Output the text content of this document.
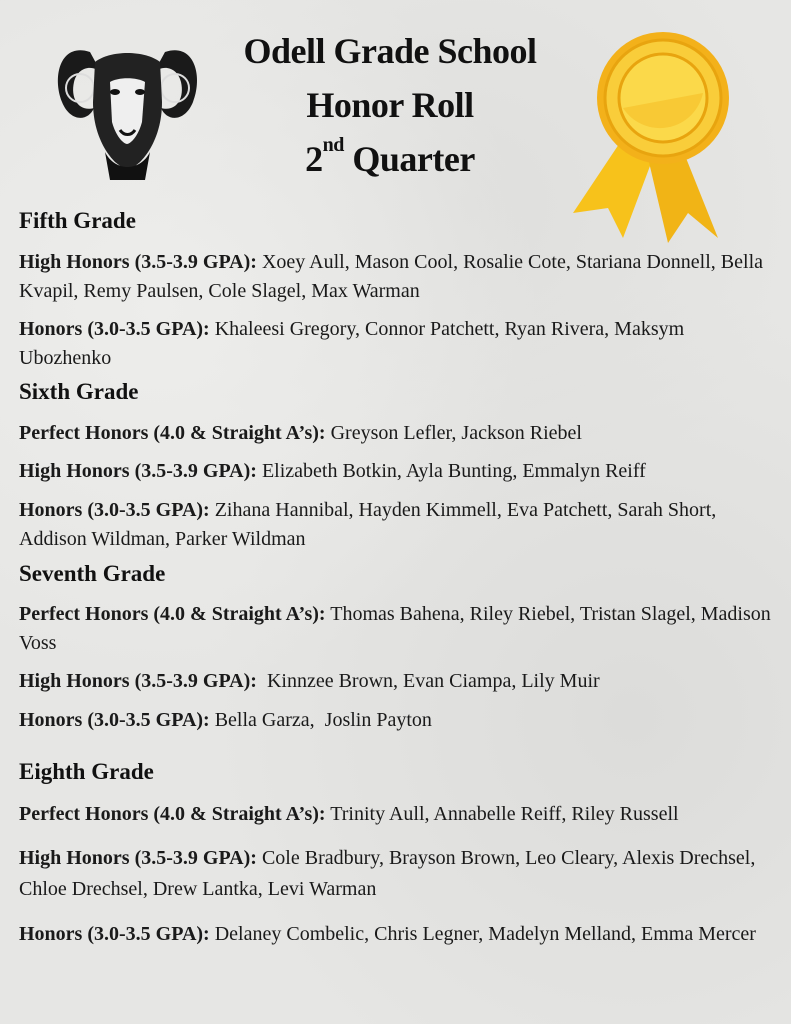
Odell Grade School
Honor Roll
2nd Quarter
Fifth Grade
High Honors (3.5-3.9 GPA): Xoey Aull, Mason Cool, Rosalie Cote, Stariana Donnell, Bella Kvapil, Remy Paulsen, Cole Slagel, Max Warman
Honors (3.0-3.5 GPA): Khaleesi Gregory, Connor Patchett, Ryan Rivera, Maksym Ubozhenko
Sixth Grade
Perfect Honors (4.0 & Straight A’s): Greyson Lefler, Jackson Riebel
High Honors (3.5-3.9 GPA): Elizabeth Botkin, Ayla Bunting, Emmalyn Reiff
Honors (3.0-3.5 GPA): Zihana Hannibal, Hayden Kimmell, Eva Patchett, Sarah Short, Addison Wildman, Parker Wildman
Seventh Grade
Perfect Honors (4.0 & Straight A’s): Thomas Bahena, Riley Riebel, Tristan Slagel, Madison Voss
High Honors (3.5-3.9 GPA):  Kinnzee Brown, Evan Ciampa, Lily Muir
Honors (3.0-3.5 GPA): Bella Garza,  Joslin Payton
Eighth Grade
Perfect Honors (4.0 & Straight A’s): Trinity Aull, Annabelle Reiff, Riley Russell
High Honors (3.5-3.9 GPA): Cole Bradbury, Brayson Brown, Leo Cleary, Alexis Drechsel, Chloe Drechsel, Drew Lantka, Levi Warman
Honors (3.0-3.5 GPA): Delaney Combelic, Chris Legner, Madelyn Melland, Emma Mercer
